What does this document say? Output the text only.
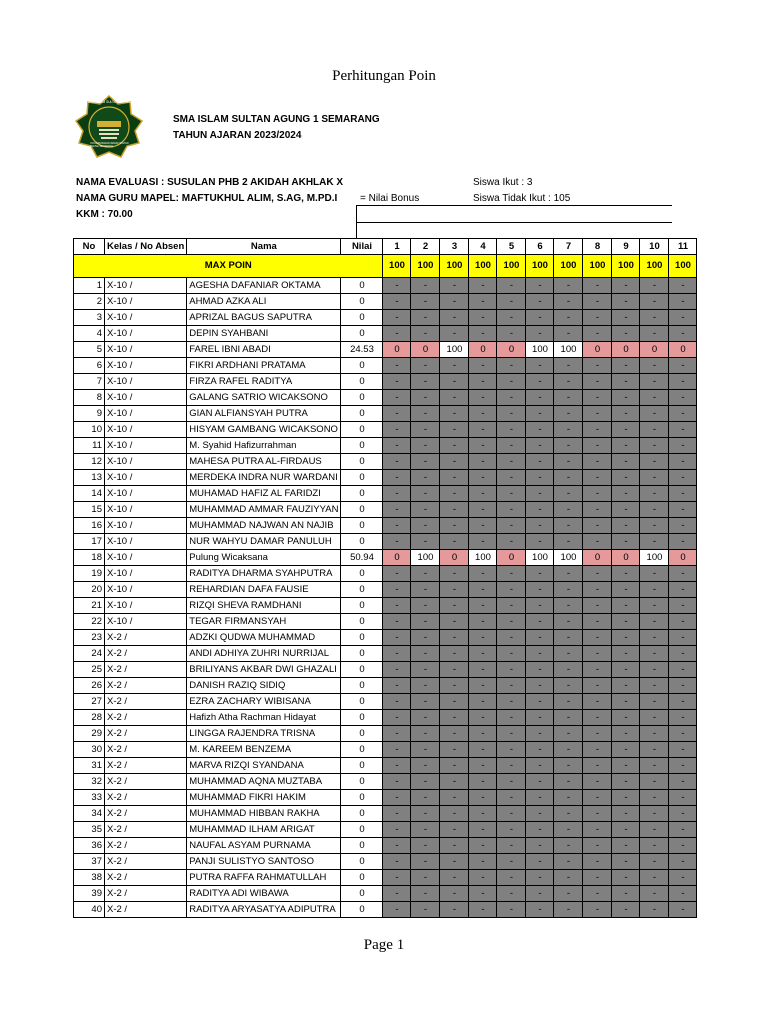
Perhitungan Poin
SMA ISLAM SULTAN AGUNG 1
YAYASAN BADAN WAKAF SULTAN AGUNG SEMARANG
SMA ISLAM SULTAN AGUNG 1 SEMARANG
TAHUN AJARAN 2023/2024
NAMA EVALUASI : SUSULAN PHB 2 AKIDAH AKHLAK X
NAMA GURU MAPEL: MAFTUKHUL ALIM, S.AG, M.PD.I
KKM : 70.00
= Nilai Bonus
Siswa Ikut : 3
Siswa Tidak Ikut : 105
No	Kelas / No Absen	Nama	Nilai	1	2	3	4	5	6	7	8	9	10	11
MAX POIN				100	100	100	100	100	100	100	100	100	100	100
1	X-10 /	AGESHA DAFANIAR OKTAMA	0	-	-	-	-	-	-	-	-	-	-	-
2	X-10 /	AHMAD AZKA ALI	0	-	-	-	-	-	-	-	-	-	-	-
3	X-10 /	APRIZAL BAGUS SAPUTRA	0	-	-	-	-	-	-	-	-	-	-	-
4	X-10 /	DEPIN SYAHBANI	0	-	-	-	-	-	-	-	-	-	-	-
5	X-10 /	FAREL IBNI ABADI	24.53	0	0	100	0	0	100	100	0	0	0	0
6	X-10 /	FIKRI ARDHANI PRATAMA	0	-	-	-	-	-	-	-	-	-	-	-
7	X-10 /	FIRZA RAFEL RADITYA	0	-	-	-	-	-	-	-	-	-	-	-
8	X-10 /	GALANG SATRIO WICAKSONO	0	-	-	-	-	-	-	-	-	-	-	-
9	X-10 /	GIAN ALFIANSYAH PUTRA	0	-	-	-	-	-	-	-	-	-	-	-
10	X-10 /	HISYAM GAMBANG WICAKSONO	0	-	-	-	-	-	-	-	-	-	-	-
11	X-10 /	M. Syahid Hafizurrahman	0	-	-	-	-	-	-	-	-	-	-	-
12	X-10 /	MAHESA PUTRA AL-FIRDAUS	0	-	-	-	-	-	-	-	-	-	-	-
13	X-10 /	MERDEKA INDRA NUR WARDANI	0	-	-	-	-	-	-	-	-	-	-	-
14	X-10 /	MUHAMAD HAFIZ AL FARIDZI	0	-	-	-	-	-	-	-	-	-	-	-
15	X-10 /	MUHAMMAD AMMAR FAUZIYYAN	0	-	-	-	-	-	-	-	-	-	-	-
16	X-10 /	MUHAMMAD NAJWAN AN NAJIB	0	-	-	-	-	-	-	-	-	-	-	-
17	X-10 /	NUR WAHYU DAMAR PANULUH	0	-	-	-	-	-	-	-	-	-	-	-
18	X-10 /	Pulung Wicaksana	50.94	0	100	0	100	0	100	100	0	0	100	0
19	X-10 /	RADITYA DHARMA SYAHPUTRA	0	-	-	-	-	-	-	-	-	-	-	-
20	X-10 /	REHARDIAN DAFA FAUSIE	0	-	-	-	-	-	-	-	-	-	-	-
21	X-10 /	RIZQI SHEVA RAMDHANI	0	-	-	-	-	-	-	-	-	-	-	-
22	X-10 /	TEGAR FIRMANSYAH	0	-	-	-	-	-	-	-	-	-	-	-
23	X-2 /	ADZKI QUDWA MUHAMMAD	0	-	-	-	-	-	-	-	-	-	-	-
24	X-2 /	ANDI ADHIYA ZUHRI NURRIJAL	0	-	-	-	-	-	-	-	-	-	-	-
25	X-2 /	BRILIYANS AKBAR DWI GHAZALI	0	-	-	-	-	-	-	-	-	-	-	-
26	X-2 /	DANISH RAZIQ SIDIQ	0	-	-	-	-	-	-	-	-	-	-	-
27	X-2 /	EZRA ZACHARY WIBISANA	0	-	-	-	-	-	-	-	-	-	-	-
28	X-2 /	Hafizh Atha Rachman Hidayat	0	-	-	-	-	-	-	-	-	-	-	-
29	X-2 /	LINGGA RAJENDRA TRISNA	0	-	-	-	-	-	-	-	-	-	-	-
30	X-2 /	M. KAREEM BENZEMA	0	-	-	-	-	-	-	-	-	-	-	-
31	X-2 /	MARVA RIZQI SYANDANA	0	-	-	-	-	-	-	-	-	-	-	-
32	X-2 /	MUHAMMAD AQNA MUZTABA	0	-	-	-	-	-	-	-	-	-	-	-
33	X-2 /	MUHAMMAD FIKRI HAKIM	0	-	-	-	-	-	-	-	-	-	-	-
34	X-2 /	MUHAMMAD HIBBAN RAKHA	0	-	-	-	-	-	-	-	-	-	-	-
35	X-2 /	MUHAMMAD ILHAM ARIGAT	0	-	-	-	-	-	-	-	-	-	-	-
36	X-2 /	NAUFAL ASYAM PURNAMA	0	-	-	-	-	-	-	-	-	-	-	-
37	X-2 /	PANJI SULISTYO SANTOSO	0	-	-	-	-	-	-	-	-	-	-	-
38	X-2 /	PUTRA RAFFA RAHMATULLAH	0	-	-	-	-	-	-	-	-	-	-	-
39	X-2 /	RADITYA ADI WIBAWA	0	-	-	-	-	-	-	-	-	-	-	-
40	X-2 /	RADITYA ARYASATYA ADIPUTRA	0	-	-	-	-	-	-	-	-	-	-	-
Page 1
